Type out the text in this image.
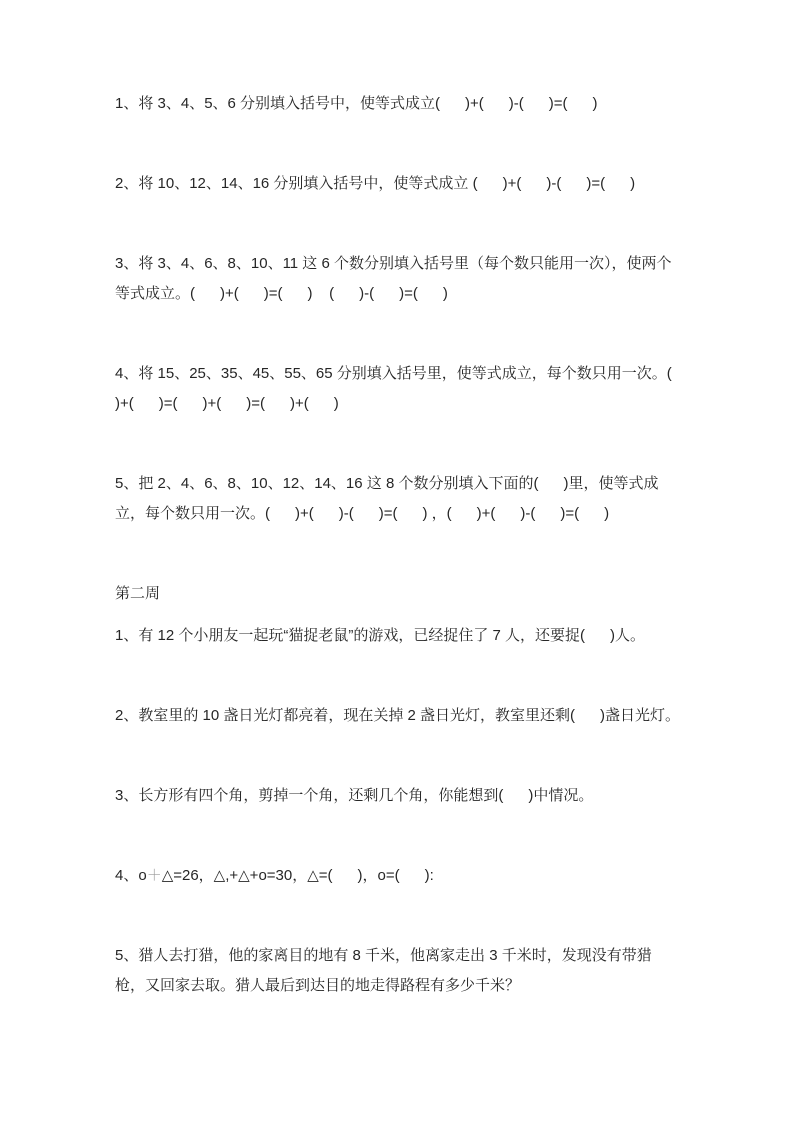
1、将 3、4、5、6 分别填入括号中，使等式成立(      )+(      )-(      )=(      )

2、将 10、12、14、16 分别填入括号中，使等式成立 (      )+(      )-(      )=(      )

3、将 3、4、6、8、10、11 这 6 个数分别填入括号里（每个数只能用一次），使两个等式成立。(      )+(      )=(      )    (      )-(      )=(      )

4、将 15、25、35、45、55、65 分别填入括号里，使等式成立，每个数只用一次。(      )+(      )=(      )+(      )=(      )+(      )

5、把 2、4、6、8、10、12、14、16 这 8 个数分别填入下面的(      )里，使等式成立，每个数只用一次。(      )+(      )-(      )=(      ) ，(      )+(      )-(      )=(      )

第二周

1、有 12 个小朋友一起玩“猫捉老鼠”的游戏，已经捉住了 7 人，还要捉(      )人。

2、教室里的 10 盏日光灯都亮着，现在关掉 2 盏日光灯，教室里还剩(      )盏日光灯。

3、长方形有四个角，剪掉一个角，还剩几个角，你能想到(      )中情况。

4、o＋△=26，△,+△+o=30，△=(      )，o=(      ):

5、猎人去打猎，他的家离目的地有 8 千米，他离家走出 3 千米时，发现没有带猎枪，又回家去取。猎人最后到达目的地走得路程有多少千米？
